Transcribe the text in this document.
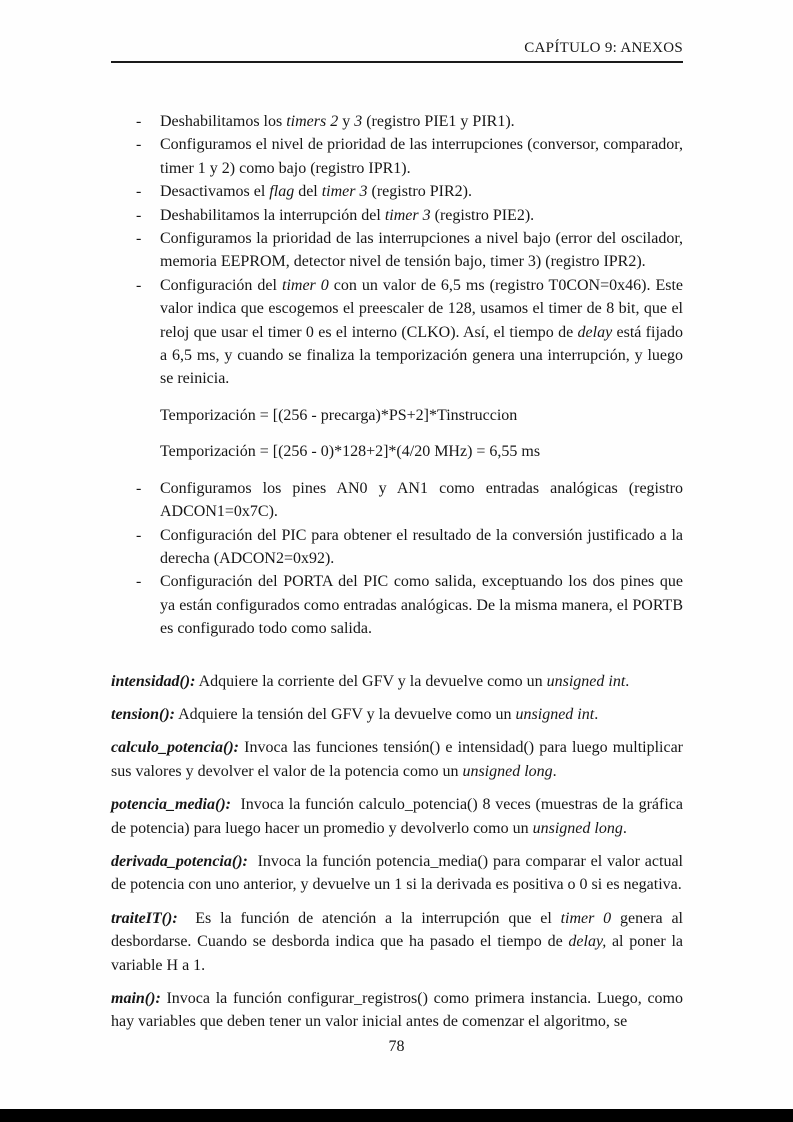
CAPÍTULO 9: ANEXOS
- Deshabilitamos los timers 2 y 3 (registro PIE1 y PIR1).
- Configuramos el nivel de prioridad de las interrupciones (conversor, comparador, timer 1 y 2) como bajo (registro IPR1).
- Desactivamos el flag del timer 3 (registro PIR2).
- Deshabilitamos la interrupción del timer 3 (registro PIE2).
- Configuramos la prioridad de las interrupciones a nivel bajo (error del oscilador, memoria EEPROM, detector nivel de tensión bajo, timer 3) (registro IPR2).
- Configuración del timer 0 con un valor de 6,5 ms (registro T0CON=0x46). Este valor indica que escogemos el preescaler de 128, usamos el timer de 8 bit, que el reloj que usar el timer 0 es el interno (CLKO). Así, el tiempo de delay está fijado a 6,5 ms, y cuando se finaliza la temporización genera una interrupción, y luego se reinicia.
Temporización = [(256 - precarga)*PS+2]*Tinstruccion
Temporización = [(256 - 0)*128+2]*(4/20 MHz) = 6,55 ms
- Configuramos los pines AN0 y AN1 como entradas analógicas (registro ADCON1=0x7C).
- Configuración del PIC para obtener el resultado de la conversión justificado a la derecha (ADCON2=0x92).
- Configuración del PORTA del PIC como salida, exceptuando los dos pines que ya están configurados como entradas analógicas. De la misma manera, el PORTB es configurado todo como salida.

intensidad(): Adquiere la corriente del GFV y la devuelve como un unsigned int.

tension(): Adquiere la tensión del GFV y la devuelve como un unsigned int.

calculo_potencia(): Invoca las funciones tensión() e intensidad() para luego multiplicar sus valores y devolver el valor de la potencia como un unsigned long.

potencia_media():  Invoca la función calculo_potencia() 8 veces (muestras de la gráfica de potencia) para luego hacer un promedio y devolverlo como un unsigned long.

derivada_potencia():  Invoca la función potencia_media() para comparar el valor actual de potencia con uno anterior, y devuelve un 1 si la derivada es positiva o 0 si es negativa.

traiteIT():  Es la función de atención a la interrupción que el timer 0 genera al desbordarse. Cuando se desborda indica que ha pasado el tiempo de delay, al poner la variable H a 1.

main(): Invoca la función configurar_registros() como primera instancia. Luego, como hay variables que deben tener un valor inicial antes de comenzar el algoritmo, se

78
